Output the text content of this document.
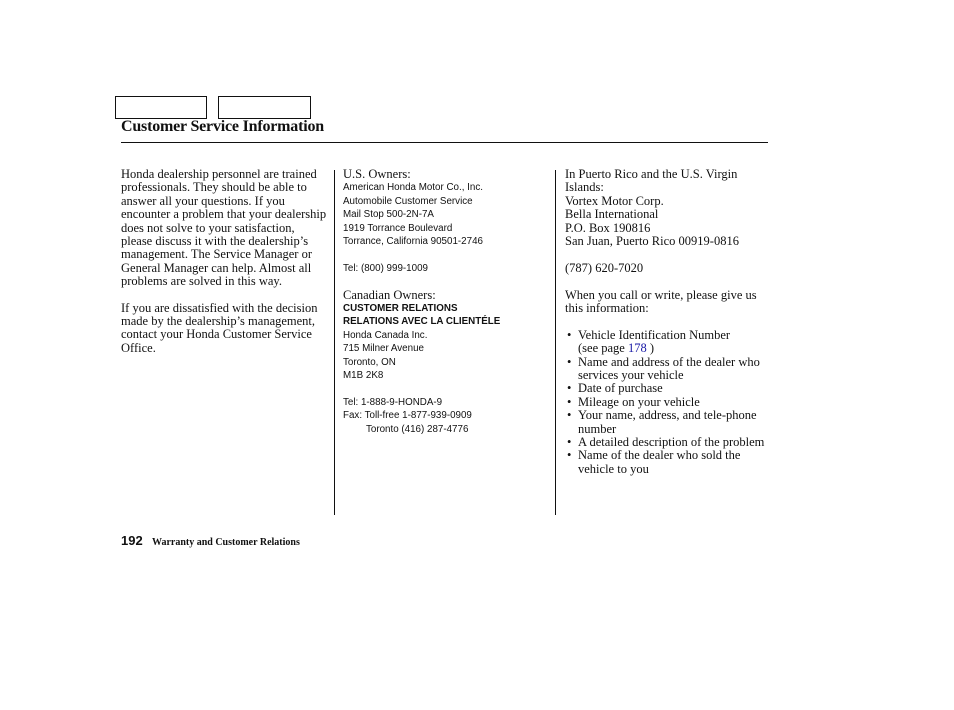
Customer Service Information

Honda dealership personnel are trained professionals. They should be able to answer all your questions. If you encounter a problem that your dealership does not solve to your satisfaction, please discuss it with the dealership’s management. The Service Manager or General Manager can help. Almost all problems are solved in this way.

If you are dissatisfied with the decision made by the dealership’s management, contact your Honda Customer Service Office.

U.S. Owners:
American Honda Motor Co., Inc.
Automobile Customer Service
Mail Stop 500-2N-7A
1919 Torrance Boulevard
Torrance, California 90501-2746
Tel: (800) 999-1009
Canadian Owners:
CUSTOMER RELATIONS
RELATIONS AVEC LA CLIENTÉLE
Honda Canada Inc.
715 Milner Avenue
Toronto, ON
M1B 2K8
Tel: 1-888-9-HONDA-9
Fax: Toll-free 1-877-939-0909
Toronto (416) 287-4776
In Puerto Rico and the U.S. Virgin Islands:
Vortex Motor Corp.
Bella International
P.O. Box 190816
San Juan, Puerto Rico 00919-0816
(787) 620-7020
When you call or write, please give us this information:
• Vehicle Identification Number
(see page 178 )
• Name and address of the dealer who services your vehicle
• Date of purchase
• Mileage on your vehicle
• Your name, address, and tele-phone number
• A detailed description of the problem
• Name of the dealer who sold the vehicle to you
192 Warranty and Customer Relations
